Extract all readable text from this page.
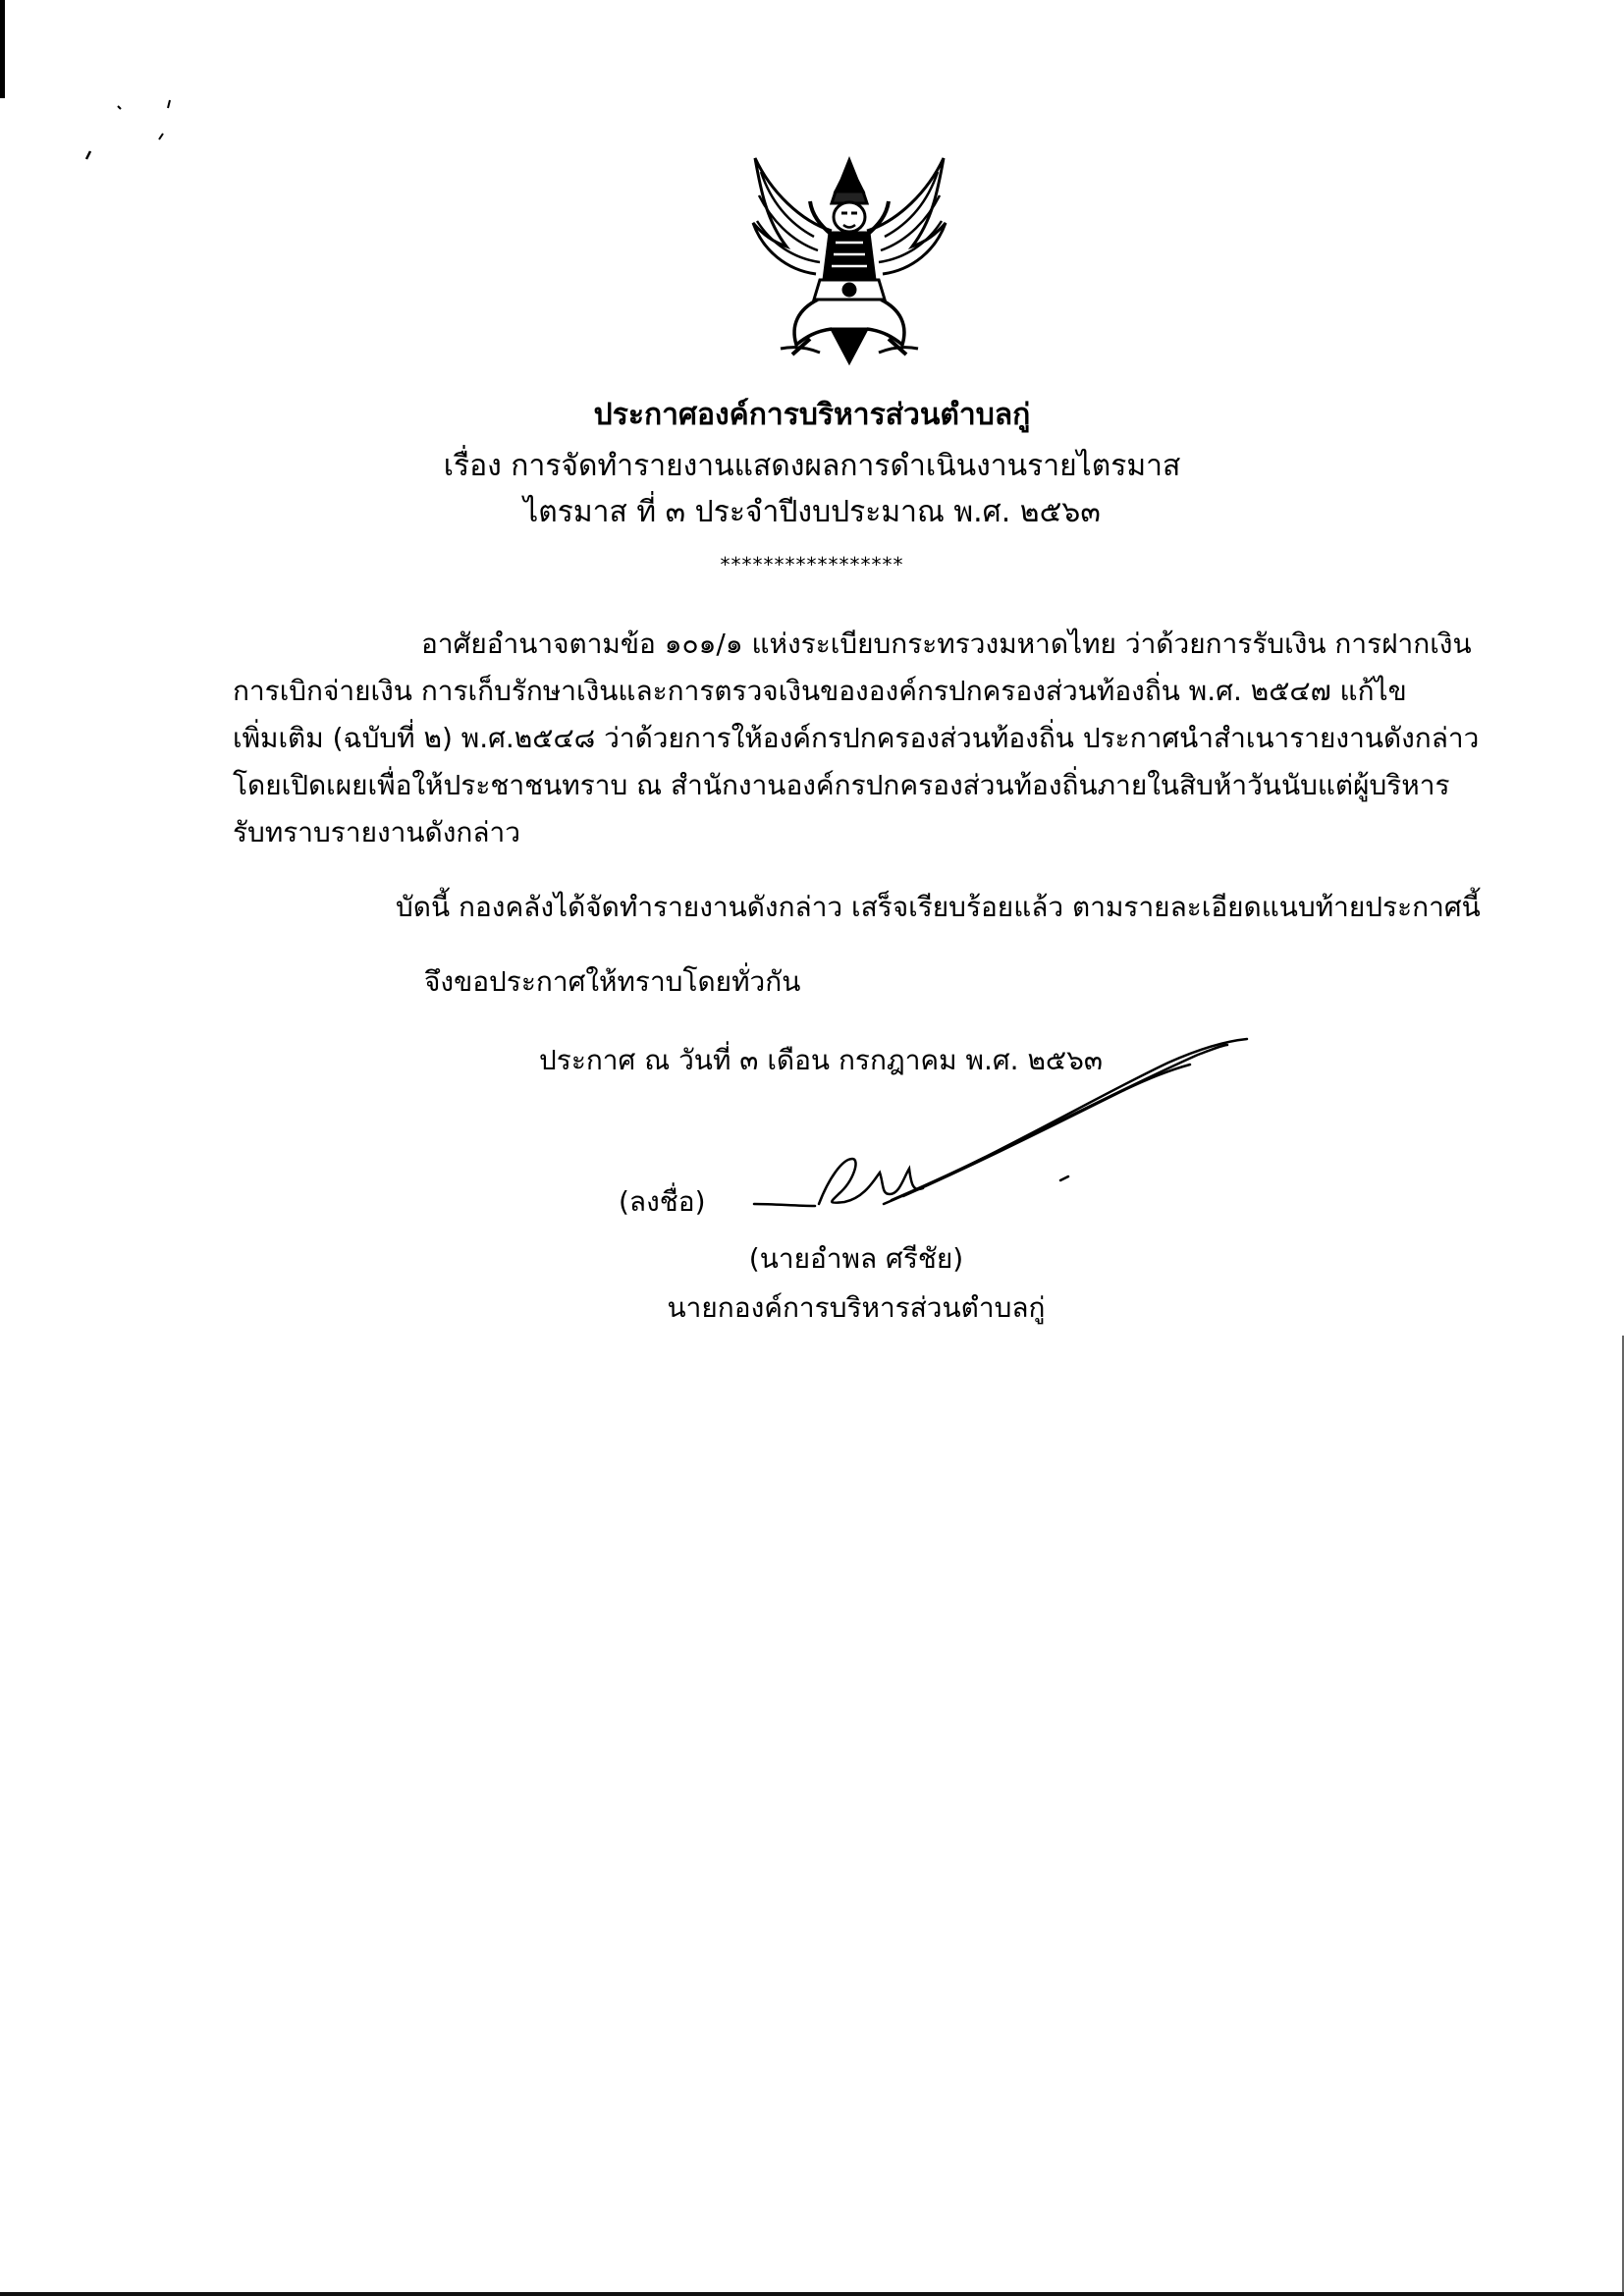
ประกาศองค์การบริหารส่วนตำบลกู่
เรื่อง การจัดทำรายงานแสดงผลการดำเนินงานรายไตรมาส
ไตรมาส ที่ ๓ ประจำปีงบประมาณ พ.ศ. ๒๕๖๓
*****************
อาศัยอำนาจตามข้อ ๑๐๑/๑ แห่งระเบียบกระทรวงมหาดไทย ว่าด้วยการรับเงิน การฝากเงิน
การเบิกจ่ายเงิน การเก็บรักษาเงินและการตรวจเงินขององค์กรปกครองส่วนท้องถิ่น พ.ศ. ๒๕๔๗ แก้ไข
เพิ่มเติม (ฉบับที่ ๒) พ.ศ.๒๕๔๘ ว่าด้วยการให้องค์กรปกครองส่วนท้องถิ่น ประกาศนำสำเนารายงานดังกล่าว
โดยเปิดเผยเพื่อให้ประชาชนทราบ ณ สำนักงานองค์กรปกครองส่วนท้องถิ่นภายในสิบห้าวันนับแต่ผู้บริหาร
รับทราบรายงานดังกล่าว
บัดนี้ กองคลังได้จัดทำรายงานดังกล่าว เสร็จเรียบร้อยแล้ว ตามรายละเอียดแนบท้ายประกาศนี้
จึงขอประกาศให้ทราบโดยทั่วกัน
ประกาศ ณ วันที่ ๓ เดือน กรกฎาคม พ.ศ. ๒๕๖๓
(ลงชื่อ)
(นายอำพล ศรีชัย)
นายกองค์การบริหารส่วนตำบลกู่
